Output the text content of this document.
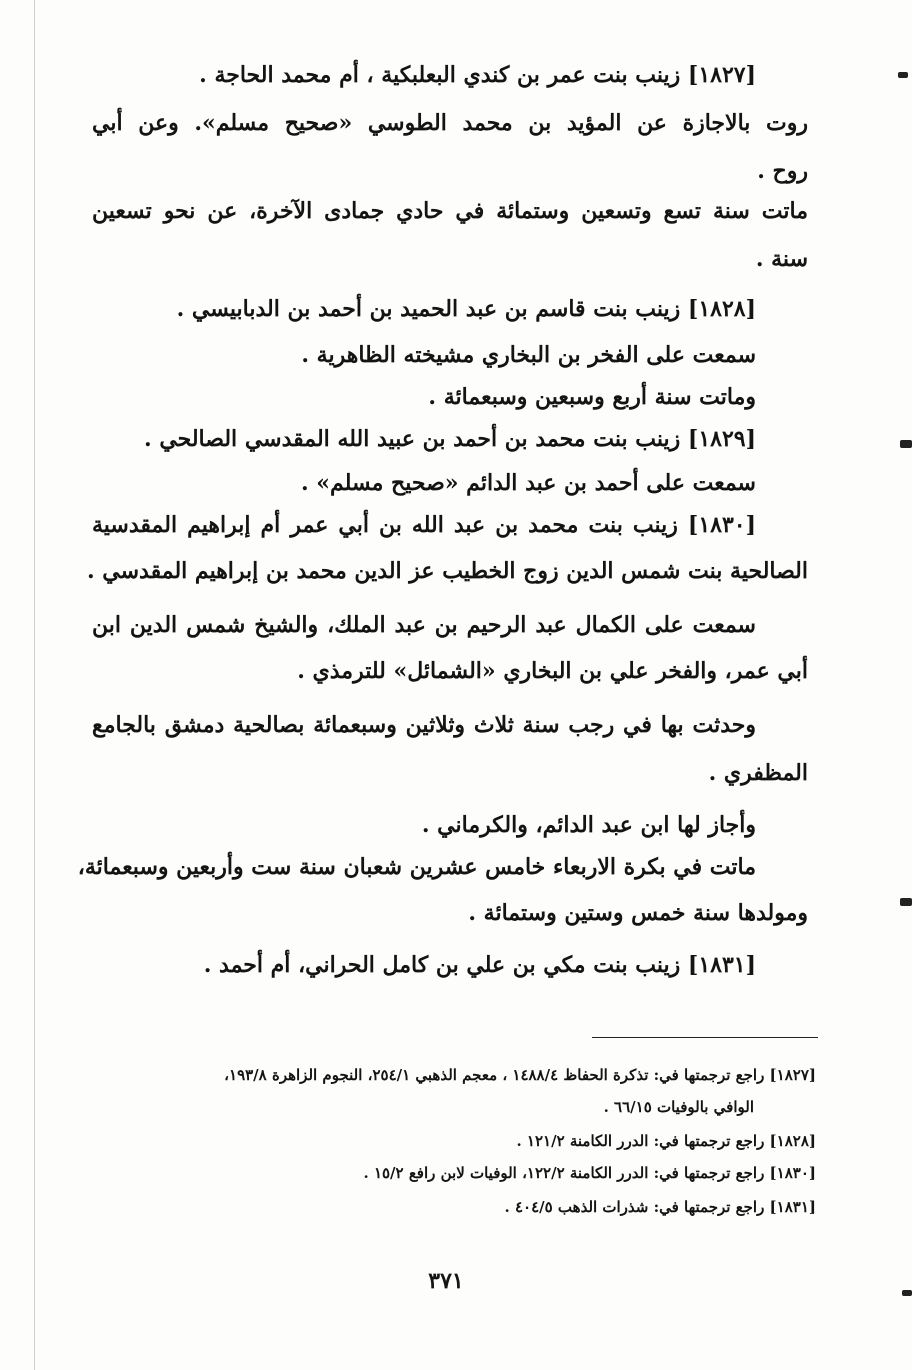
[١٨٢٧] زينب بنت عمر بن كندي البعلبكية ، أم محمد الحاجة .
روت بالاجازة عن المؤيد بن محمد الطوسي «صحيح مسلم». وعن أبي
روح .
ماتت سنة تسع وتسعين وستمائة في حادي جمادى الآخرة، عن نحو تسعين
سنة .
[١٨٢٨] زينب بنت قاسم بن عبد الحميد بن أحمد بن الدبابيسي .
سمعت على الفخر بن البخاري مشيخته الظاهرية .
وماتت سنة أربع وسبعين وسبعمائة .
[١٨٢٩] زينب بنت محمد بن أحمد بن عبيد الله المقدسي الصالحي .
سمعت على أحمد بن عبد الدائم «صحيح مسلم» .
[١٨٣٠] زينب بنت محمد بن عبد الله بن أبي عمر أم إبراهيم المقدسية
الصالحية بنت شمس الدين زوج الخطيب عز الدين محمد بن إبراهيم المقدسي .
سمعت على الكمال عبد الرحيم بن عبد الملك، والشيخ شمس الدين ابن
أبي عمر، والفخر علي بن البخاري «الشمائل» للترمذي .
وحدثت بها في رجب سنة ثلاث وثلاثين وسبعمائة بصالحية دمشق بالجامع
المظفري .
وأجاز لها ابن عبد الدائم، والكرماني .
ماتت في بكرة الاربعاء خامس عشرين شعبان سنة ست وأربعين وسبعمائة،
ومولدها سنة خمس وستين وستمائة .
[١٨٣١] زينب بنت مكي بن علي بن كامل الحراني، أم أحمد .
[١٨٢٧] راجع ترجمتها في: تذكرة الحفاظ ١٤٨٨/٤ ، معجم الذهبي ٢٥٤/١، النجوم الزاهرة ١٩٣/٨،
الوافي بالوفيات ٦٦/١٥ .
[١٨٢٨] راجع ترجمتها في: الدرر الكامنة ١٢١/٢ .
[١٨٣٠] راجع ترجمتها في: الدرر الكامنة ١٢٢/٢، الوفيات لابن رافع ١٥/٢ .
[١٨٣١] راجع ترجمتها في: شذرات الذهب ٤٠٤/٥ .
٣٧١
